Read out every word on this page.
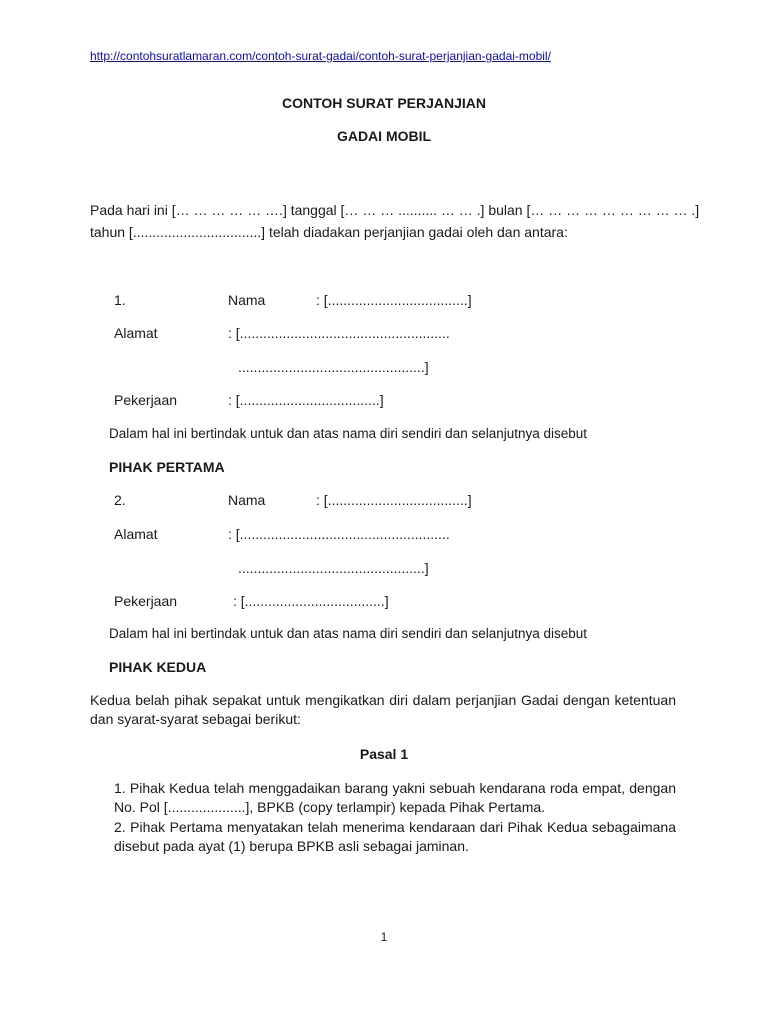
http://contohsuratlamaran.com/contoh-surat-gadai/contoh-surat-perjanjian-gadai-mobil/
CONTOH SURAT PERJANJIAN
GADAI MOBIL
Pada hari ini [… … … … … ….] tanggal [… … … .......... … … .] bulan [… … … … … … … … … .]
tahun [.................................] telah diadakan perjanjian gadai oleh dan antara:
1.	Nama	: [....................................]
Alamat	: [......................................................
................................................]
Pekerjaan	: [....................................]
Dalam hal ini bertindak untuk dan atas nama diri sendiri dan selanjutnya disebut
PIHAK PERTAMA
2.	Nama	: [....................................]
Alamat	: [......................................................
................................................]
Pekerjaan	: [....................................]
Dalam hal ini bertindak untuk dan atas nama diri sendiri dan selanjutnya disebut
PIHAK KEDUA
Kedua belah pihak sepakat untuk mengikatkan diri dalam perjanjian Gadai dengan ketentuan dan syarat-syarat sebagai berikut:
Pasal 1
1. Pihak Kedua telah menggadaikan barang yakni sebuah kendarana roda empat, dengan No. Pol [....................], BPKB (copy terlampir) kepada Pihak Pertama.
2. Pihak Pertama menyatakan telah menerima kendaraan dari Pihak Kedua sebagaimana disebut pada ayat (1) berupa BPKB asli sebagai jaminan.
1
